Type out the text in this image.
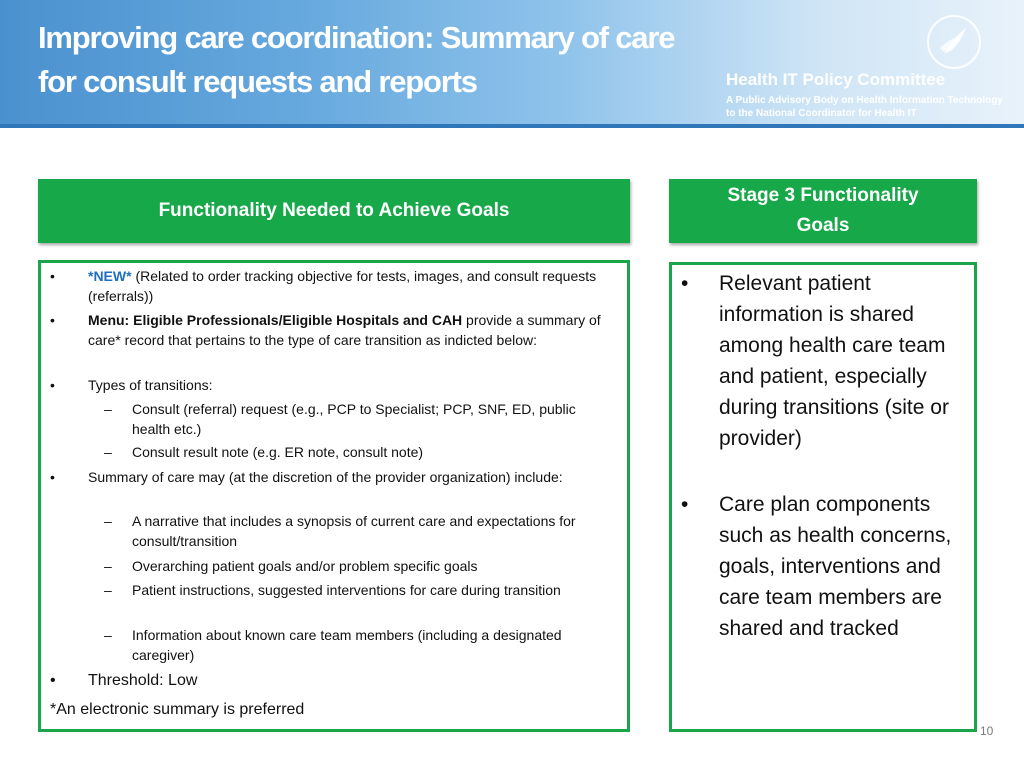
Improving care coordination: Summary of care
for consult requests and reports	Health IT Policy Committee
A Public Advisory Body on Health Information Technology
to the National Coordinator for Health IT
Functionality Needed to Achieve Goals
Stage 3 Functionality
Goals
•	*NEW* (Related to order tracking objective for tests, images, and consult requests (referrals))
•	Menu: Eligible Professionals/Eligible Hospitals and CAH provide a summary of care* record that pertains to the type of care transition as indicted below:
•	Types of transitions:
–	Consult (referral) request (e.g., PCP to Specialist; PCP, SNF, ED, public health etc.)
–	Consult result note (e.g. ER note, consult note)
•	Summary of care may (at the discretion of the provider organization) include:
–	A narrative that includes a synopsis of current care and expectations for consult/transition
–	Overarching patient goals and/or problem specific goals
–	Patient instructions, suggested interventions for care during transition
–	Information about known care team members (including a designated caregiver)
•	Threshold: Low
*An electronic summary is preferred
• Relevant patient information is shared among health care team and patient, especially during transitions (site or provider)
• Care plan components such as health concerns, goals, interventions and care team members are shared and tracked
10
